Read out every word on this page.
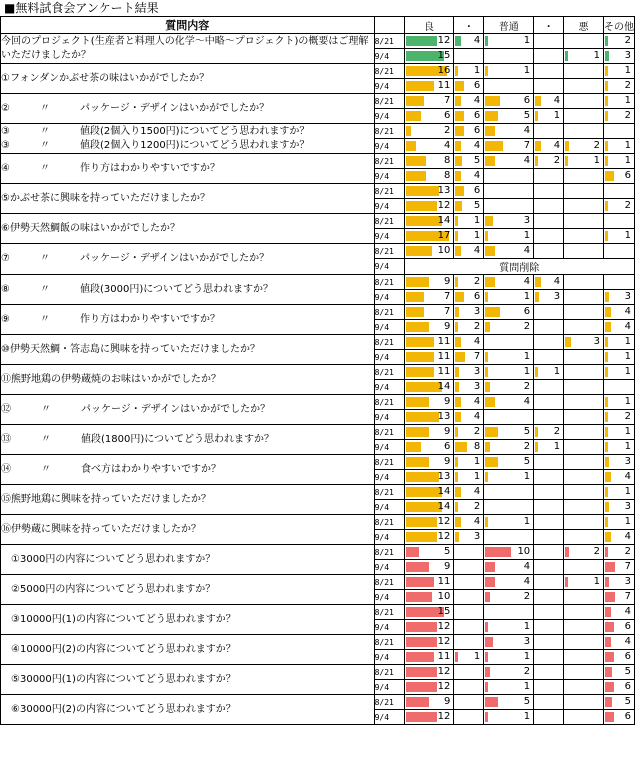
■無料試食会アンケート結果
質問内容		良	・	普通	・	悪	その他
今回のプロジェクト(生産者と料理人の化学～中略～プロジェクト)の概要はご理解いただけましたか？	8/21	12	4	1			2

	9/4	15				1	3

①フォンダンかぶせ茶の味はいかがでしたか？	8/21	16	1	1			1

	9/4	11	6				2

②　　　〃　　　パッケージ・デザインはいかがでしたか？	8/21	7	4	6	4		1

	9/4	6	6	5	1		2

③　　　〃　　　値段(2個入り1500円)についてどう思われますか？
③　　　〃　　　値段(2個入り1200円)についてどう思われますか？	8/21	2	6	4			

	9/4	4	4	7	4	2	1

④　　　〃　　　作り方はわかりやすいですか？	8/21	8	5	4	2	1	1

	9/4	8	4				6

⑤かぶせ茶に興味を持っていただけましたか？	8/21	13	6				

	9/4	12	5				2

⑥伊勢天然鯛飯の味はいかがでしたか？	8/21	14	1	3			

	9/4	17	1	1			1

⑦　　　〃　　　パッケージ・デザインはいかがでしたか？	8/21	10	4	4			

	9/4	質問削除					
⑧　　　〃　　　値段(3000円)についてどう思われますか？	8/21	9	2	4	4		

	9/4	7	6	1	3		3

⑨　　　〃　　　作り方はわかりやすいですか？	8/21	7	3	6			4

	9/4	9	2	2			4

⑩伊勢天然鯛・答志島に興味を持っていただけましたか？	8/21	11	4			3	1

	9/4	11	7	1			1

⑪熊野地鶏の伊勢蔵焼のお味はいかがでしたか？	8/21	11	3	1	1		1

	9/4	14	3	2			

⑫　　　〃　　　パッケージ・デザインはいかがでしたか？	8/21	9	4	4			1

	9/4	13	4				2

⑬　　　〃　　　値段(1800円)についてどう思われますか？	8/21	9	2	5	2		1

	9/4	6	8	2	1		1

⑭　　　〃　　　食べ方はわかりやすいですか？	8/21	9	1	5			3

	9/4	13	1	1			4

⑮熊野地鶏に興味を持っていただけましたか？	8/21	14	4				1

	9/4	14	2				3

⑯伊勢蔵に興味を持っていただけましたか？	8/21	12	4	1			1

	9/4	12	3				4

　①3000円の内容についてどう思われますか？	8/21	5		10		2	2

	9/4	9		4			7

　②5000円の内容についてどう思われますか？	8/21	11		4		1	3

	9/4	10		2			7

　③10000円(1)の内容についてどう思われますか？	8/21	15					4

	9/4	12		1			6

　④10000円(2)の内容についてどう思われますか？	8/21	12		3			4

	9/4	11	1	1			6

　⑤30000円(1)の内容についてどう思われますか？	8/21	12		2			5

	9/4	12		1			6

　⑥30000円(2)の内容についてどう思われますか？	8/21	9		5			5

	9/4	12		1			6
